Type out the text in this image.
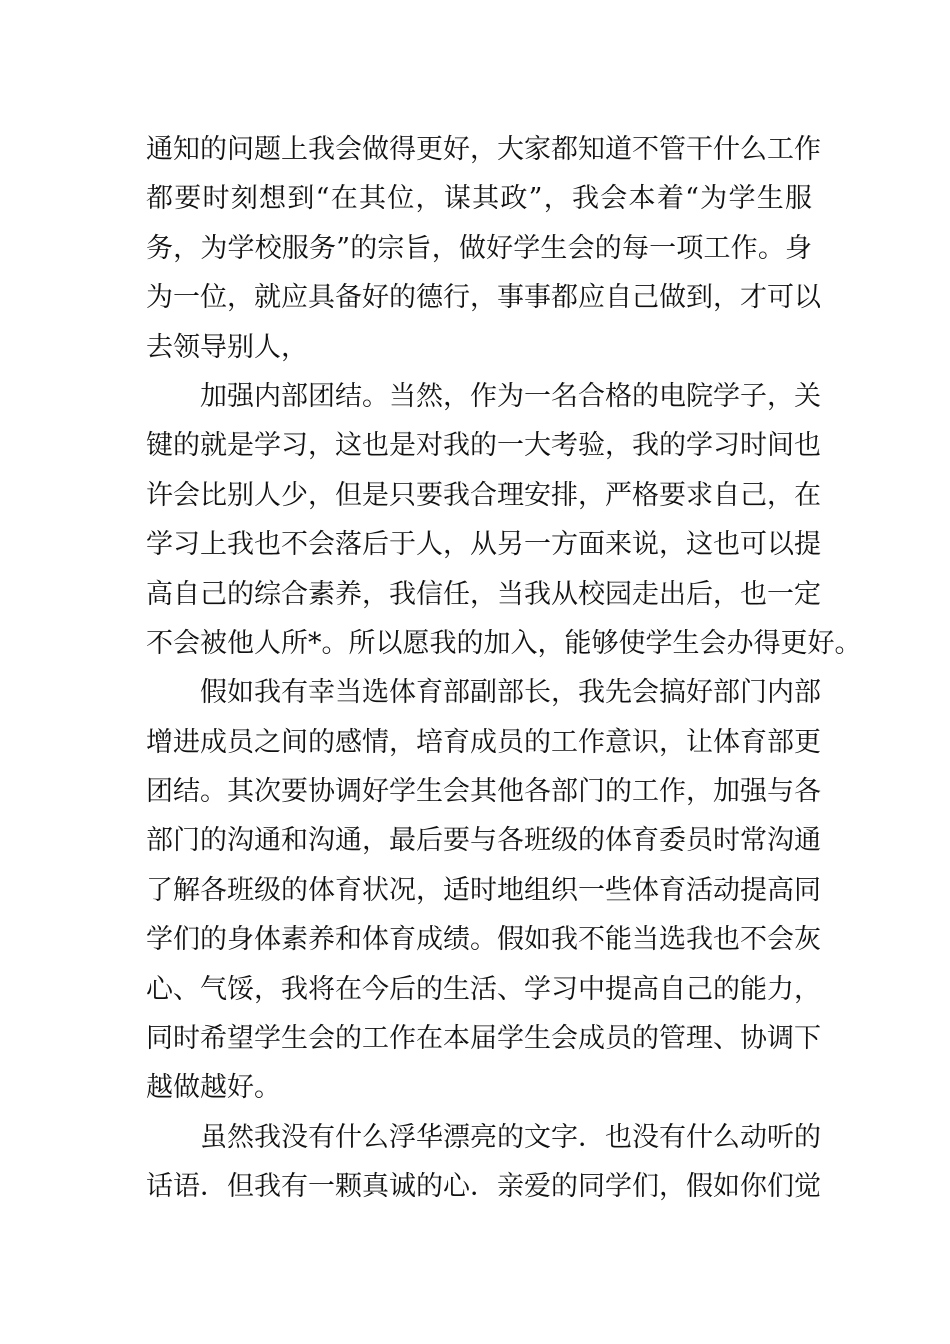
通知的问题上我会做得更好，大家都知道不管干什么工作
都要时刻想到“在其位，谋其政”，我会本着“为学生服
务，为学校服务”的宗旨，做好学生会的每一项工作。身
为一位，就应具备好的德行，事事都应自己做到，才可以
去领导别人，
加强内部团结。当然，作为一名合格的电院学子，关
键的就是学习，这也是对我的一大考验，我的学习时间也
许会比别人少，但是只要我合理安排，严格要求自己，在
学习上我也不会落后于人，从另一方面来说，这也可以提
高自己的综合素养，我信任，当我从校园走出后，也一定
不会被他人所*。所以愿我的加入，能够使学生会办得更好。
假如我有幸当选体育部副部长，我先会搞好部门内部
增进成员之间的感情，培育成员的工作意识，让体育部更
团结。其次要协调好学生会其他各部门的工作，加强与各
部门的沟通和沟通，最后要与各班级的体育委员时常沟通
了解各班级的体育状况，适时地组织一些体育活动提高同
学们的身体素养和体育成绩。假如我不能当选我也不会灰
心、气馁，我将在今后的生活、学习中提高自己的能力，
同时希望学生会的工作在本届学生会成员的管理、协调下
越做越好。
虽然我没有什么浮华漂亮的文字．也没有什么动听的
话语．但我有一颗真诚的心．亲爱的同学们，假如你们觉
